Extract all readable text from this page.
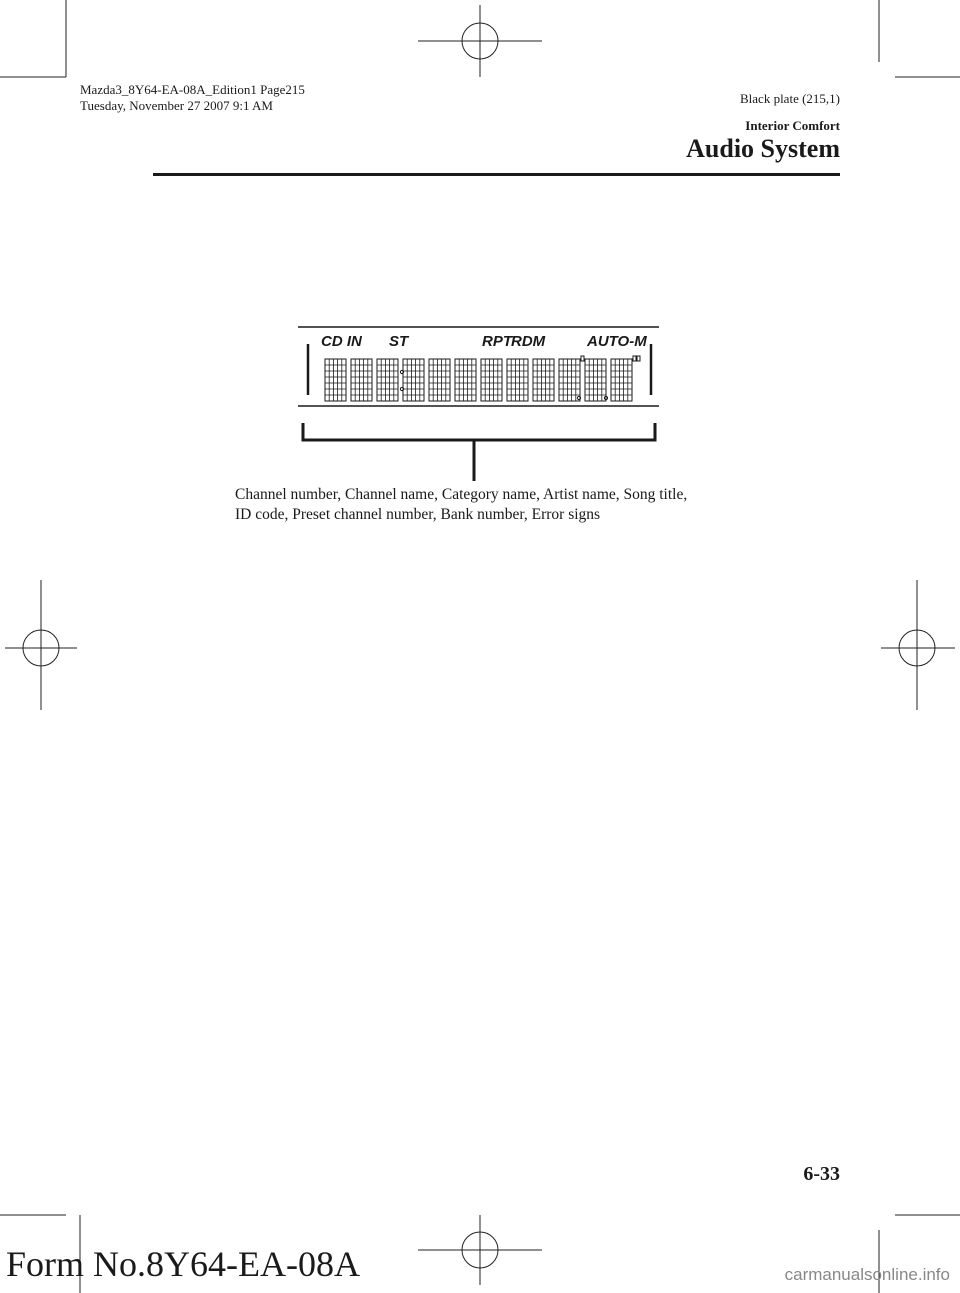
Mazda3_8Y64-EA-08A_Edition1 Page215
Tuesday, November 27 2007 9:1 AM	Black plate (215,1)
Interior Comfort
Audio System
CD IN ST	RPT RDM	AUTO-M
Channel number, Channel name, Category name, Artist name, Song title,
ID code, Preset channel number, Bank number, Error signs
6-33
Form No.8Y64-EA-08A	carmanualsonline.info
